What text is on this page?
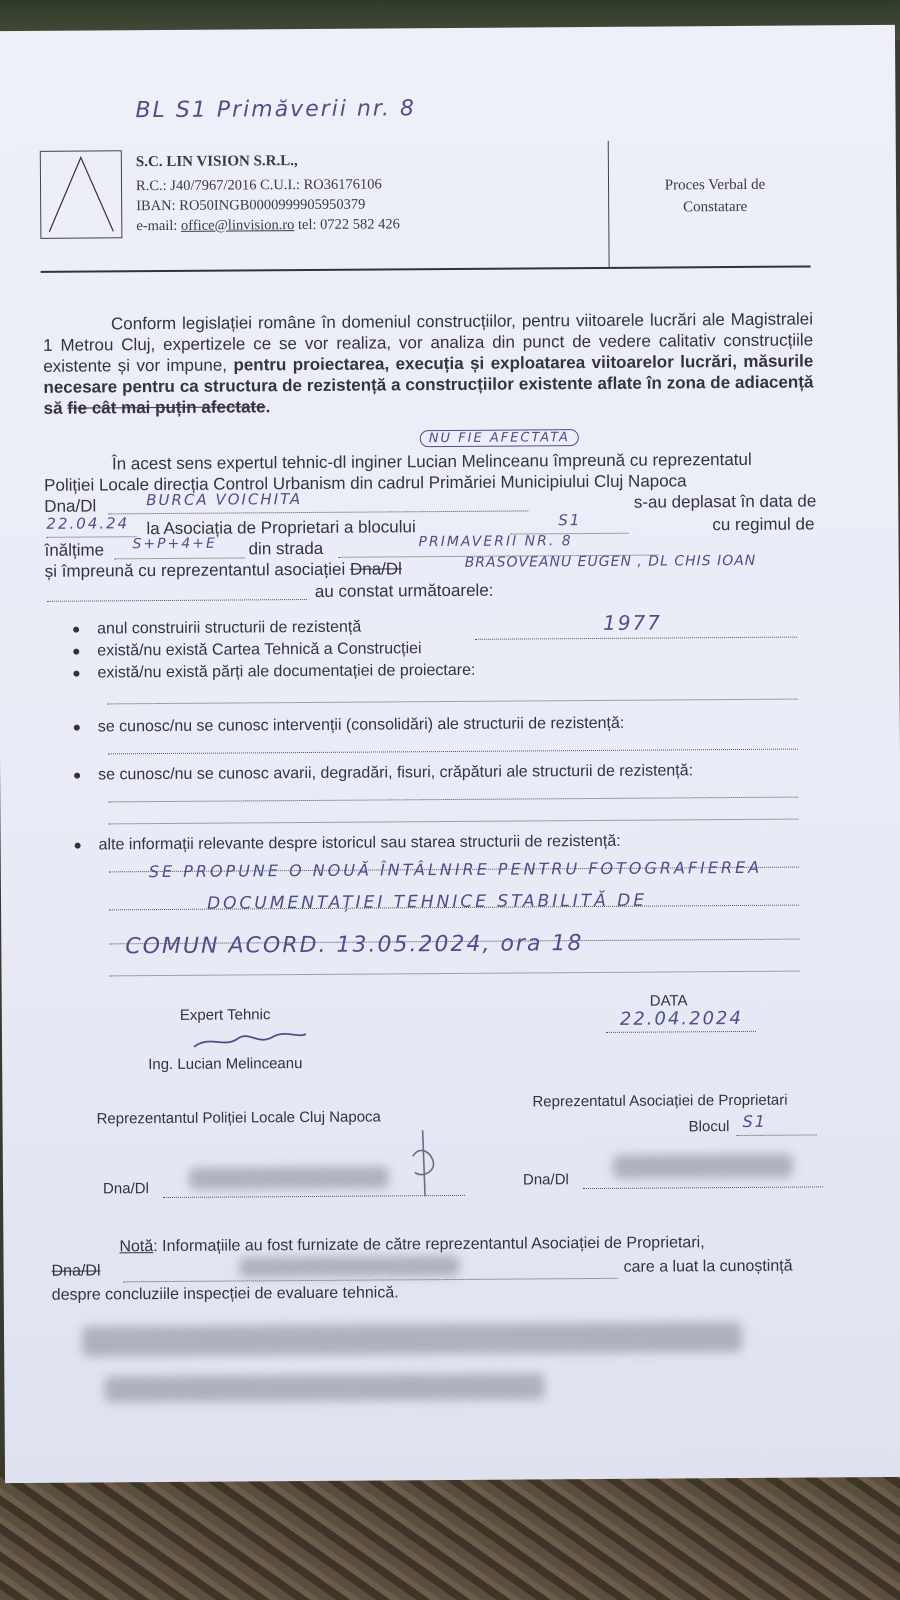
BL S1 Primăverii nr. 8
S.C. LIN VISION S.R.L.,
R.C.: J40/7967/2016 C.U.I.: RO36176106
IBAN: RO50INGB0000999905950379
e-mail: office@linvision.ro tel: 0722 582 426
Proces Verbal de
Constatare
Conform legislației române în domeniul construcțiilor, pentru viitoarele lucrări ale Magistralei 1 Metrou Cluj, expertizele ce se vor realiza, vor analiza din punct de vedere calitativ construcțiile existente și vor impune, pentru proiectarea, execuția și exploatarea viitoarelor lucrări, măsurile necesare pentru ca structura de rezistență a construcțiilor existente aflate în zona de adiacență să fie cât mai puțin afectate.
NU FIE AFECTATA
În acest sens expertul tehnic-dl inginer Lucian Melinceanu împreună cu reprezentatul
Poliției Locale direcția Control Urbanism din cadrul Primăriei Municipiului Cluj Napoca
Dna/Dl	BURCA VOICHITA	s-au deplasat în data de
22.04.24 la Asociația de Proprietari a blocului	S1	cu regimul de
înălțime S+P+4+E din strada	PRIMAVERII NR. 8
și împreună cu reprezentantul asociației Dna/Dl	BRASOVEANU EUGEN , DL CHIS IOAN
au constat următoarele:
anul construirii structurii de rezistență	1977
există/nu există Cartea Tehnică a Construcției
există/nu există părți ale documentației de proiectare:
se cunosc/nu se cunosc intervenții (consolidări) ale structurii de rezistență:
se cunosc/nu se cunosc avarii, degradări, fisuri, crăpături ale structurii de rezistență:
alte informații relevante despre istoricul sau starea structurii de rezistență:
SE PROPUNE O NOUĂ ÎNTÂLNIRE PENTRU FOTOGRAFIEREA
DOCUMENTAȚIEI TEHNICE STABILITĂ DE
COMUN ACORD. 13.05.2024, ora 18
Expert Tehnic
Ing. Lucian Melinceanu
DATA
22.04.2024
Reprezentantul Poliției Locale Cluj Napoca
Reprezentatul Asociației de Proprietari
Blocul S1
Dna/Dl
Dna/Dl
Notă: Informațiile au fost furnizate de către reprezentantul Asociației de Proprietari,
Dna/Dl	care a luat la cunoștință
despre concluziile inspecției de evaluare tehnică.
